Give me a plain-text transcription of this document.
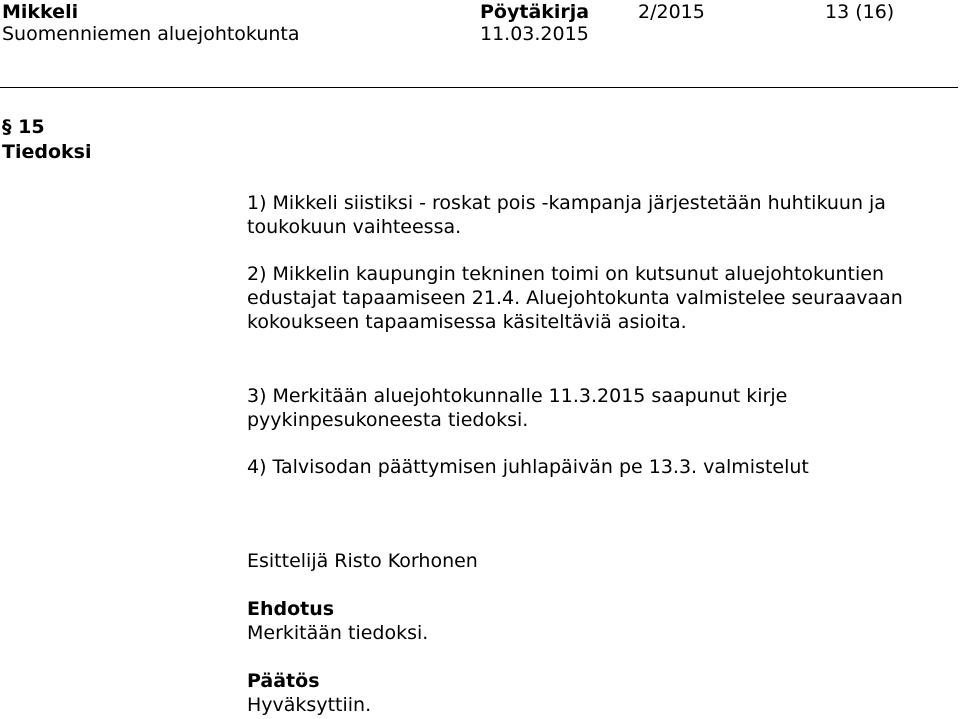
Mikkeli
Suomenniemen aluejohtokunta
Pöytäkirja
11.03.2015
2/2015	13 (16)
§ 15
Tiedoksi

1) Mikkeli siistiksi - roskat pois -kampanja järjestetään huhtikuun ja toukokuun vaihteessa.

2) Mikkelin kaupungin tekninen toimi on kutsunut aluejohtokuntien edustajat tapaamiseen 21.4. Aluejohtokunta valmistelee seuraavaan kokoukseen tapaamisessa käsiteltäviä asioita.

3) Merkitään aluejohtokunnalle 11.3.2015 saapunut kirje pyykinpesukoneesta tiedoksi.

4) Talvisodan päättymisen juhlapäivän pe 13.3. valmistelut

Esittelijä Risto Korhonen
Ehdotus
Merkitään tiedoksi.
Päätös
Hyväksyttiin.
